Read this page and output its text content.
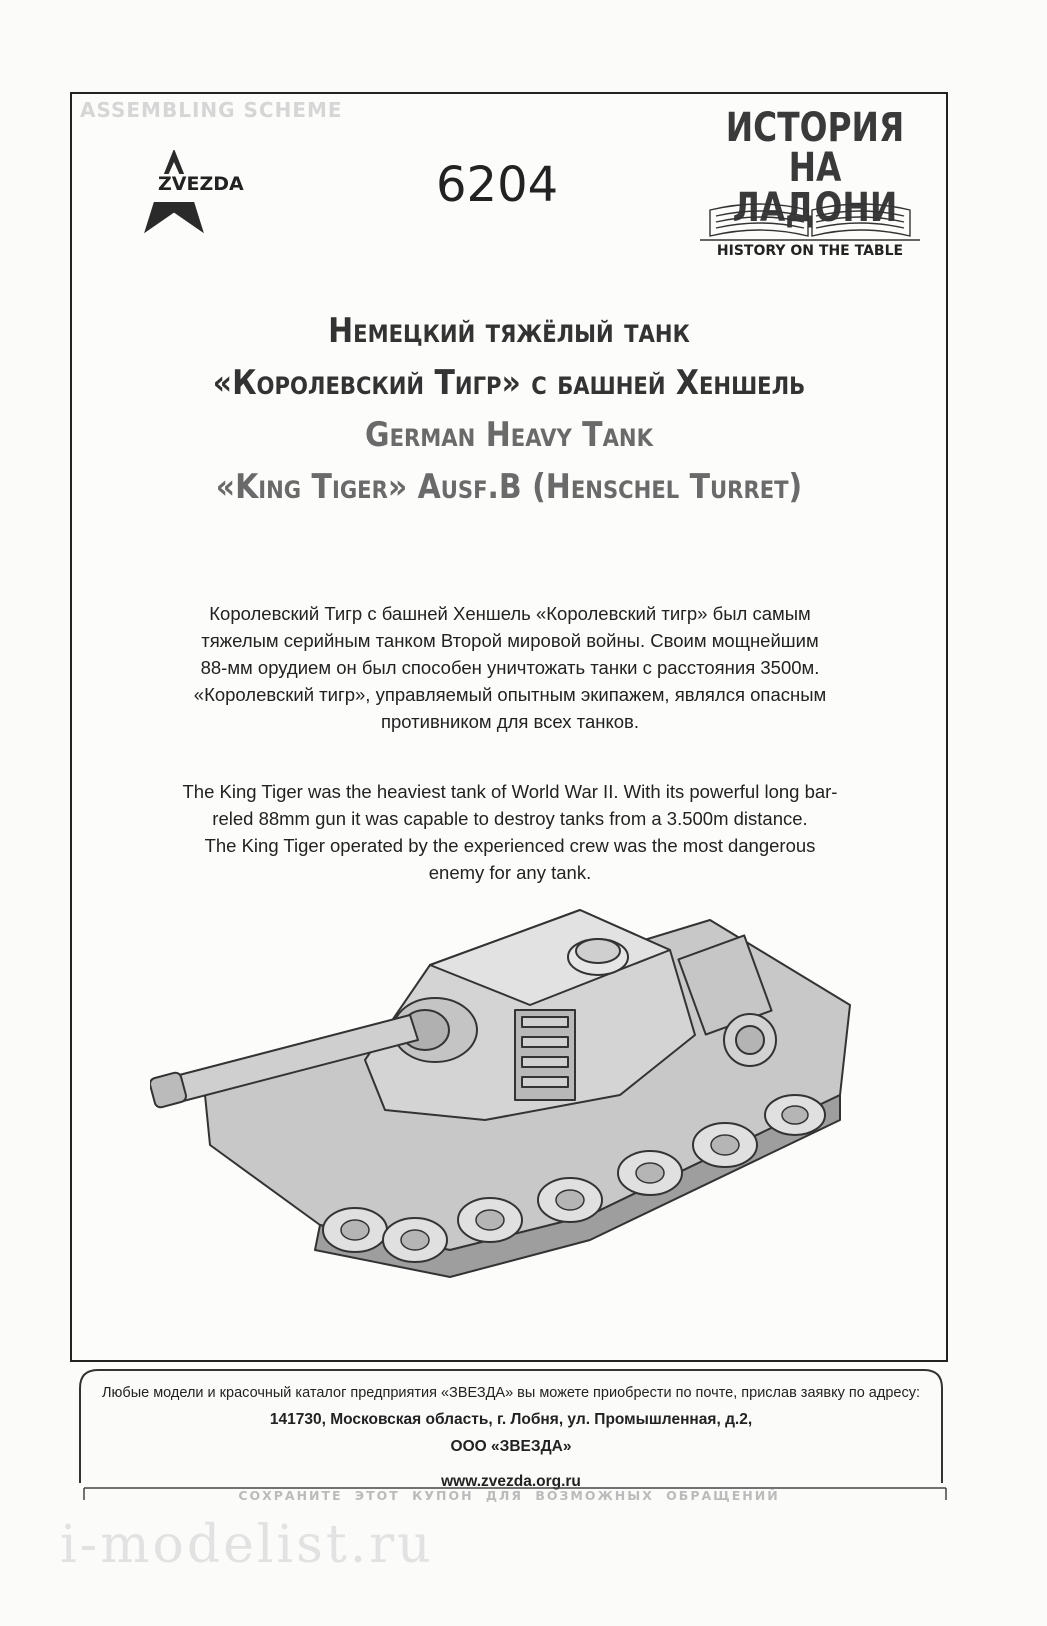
ASSEMBLING SCHEME
ZVEZDA	6204
ИСТОРИЯ
НА ЛАДОНИ
HISTORY ON THE TABLE
Немецкий тяжёлый танк
«Королевский Тигр» с башней Хеншель
German Heavy Tank
«King Tiger» Ausf.B (Henschel Turret)
Королевский Тигр с башней Хеншель «Королевский тигр» был самым
тяжелым серийным танком Второй мировой войны. Своим мощнейшим
88-мм орудием он был способен уничтожать танки с расстояния 3500м.
«Королевский тигр», управляемый опытным экипажем, являлся опасным
противником для всех танков.
The King Tiger was the heaviest tank of World War II. With its powerful long bar-
reled 88mm gun it was capable to destroy tanks from a 3.500m distance.
The King Tiger operated by the experienced crew was the most dangerous
enemy for any tank.
Любые модели и красочный каталог предприятия «ЗВЕЗДА» вы можете приобрести по почте, прислав заявку по адресу:
141730, Московская область, г. Лобня, ул. Промышленная, д.2,
ООО «ЗВЕЗДА»
www.zvezda.org.ru
СОХРАНИТЕ ЭТОТ КУПОН ДЛЯ ВОЗМОЖНЫХ ОБРАЩЕНИЙ
i-modelist.ru
